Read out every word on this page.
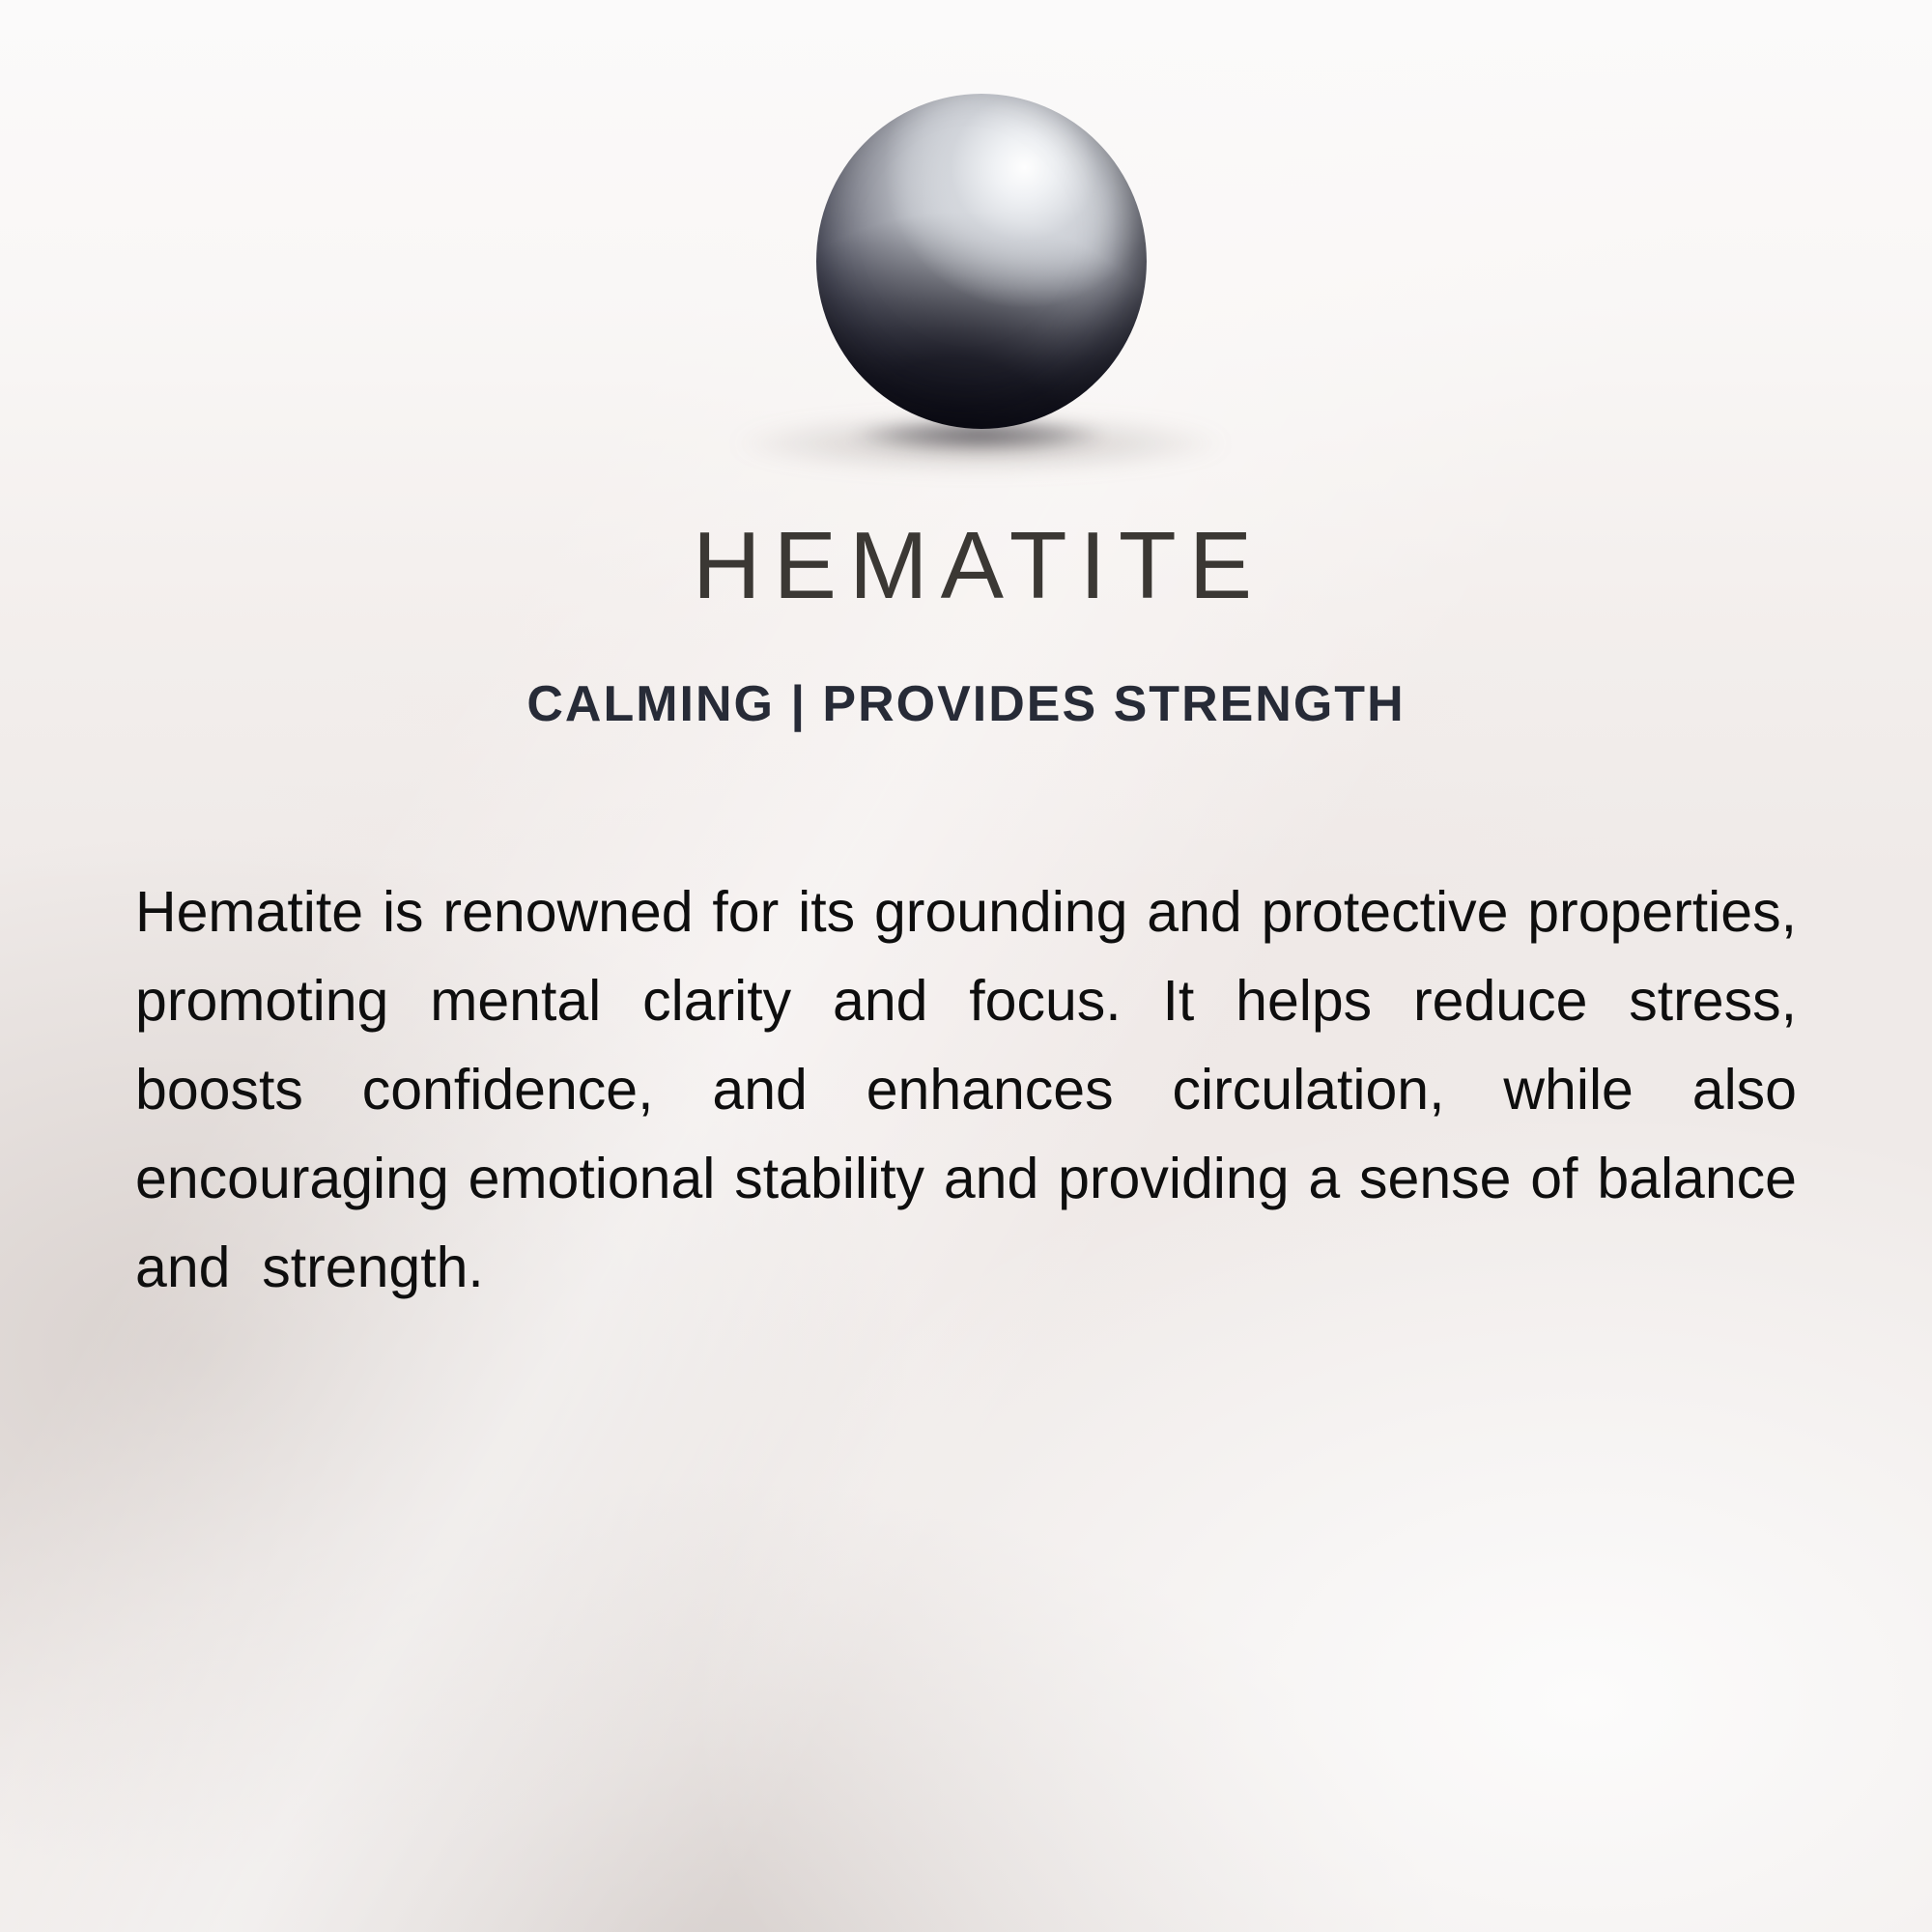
HEMATITE
CALMING | PROVIDES STRENGTH
Hematite is renowned for its grounding and protective properties,
promoting mental clarity and focus. It helps reduce stress,
boosts confidence, and enhances circulation, while also
encouraging emotional stability and providing a sense of balance
and  strength.
